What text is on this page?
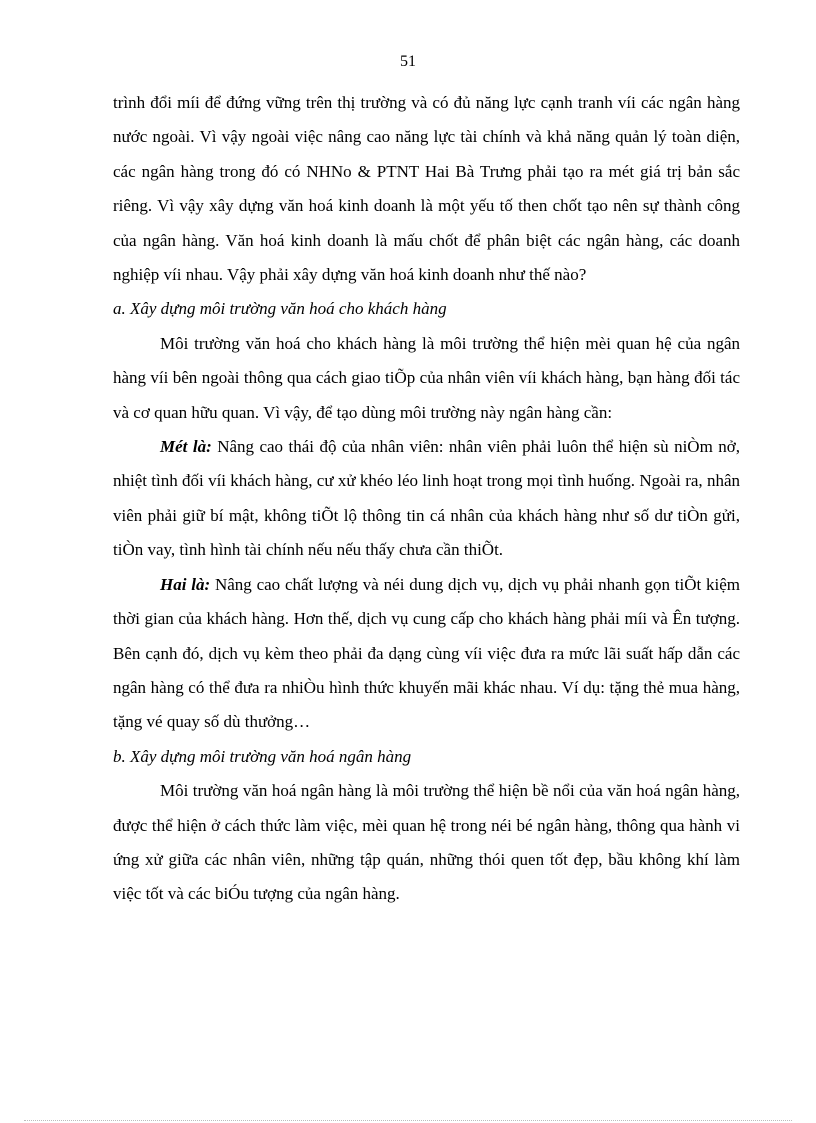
51

trình đổi míi để đứng vững trên thị trường và có đủ năng lực cạnh tranh víi các ngân hàng nước ngoài. Vì vậy ngoài việc nâng cao năng lực tài chính và khả năng quản lý toàn diện, các ngân hàng trong đó có NHNo & PTNT Hai Bà Trưng phải tạo ra mét giá trị bản sắc riêng. Vì vậy xây dựng văn hoá kinh doanh là một yếu tố then chốt tạo nên sự thành công của ngân hàng. Văn hoá kinh doanh là mấu chốt để phân biệt các ngân hàng, các doanh nghiệp víi nhau. Vậy phải xây dựng văn hoá kinh doanh như thế nào?

a. Xây dựng môi trường văn hoá cho khách hàng

Môi trường văn hoá cho khách hàng là môi trường thể hiện mèi quan hệ của ngân hàng víi bên ngoài thông qua cách giao tiÕp của nhân viên víi khách hàng, bạn hàng đối tác và cơ quan hữu quan. Vì vậy, để tạo dùng môi trường này ngân hàng cần:

Mét là: Nâng cao thái độ của nhân viên: nhân viên phải luôn thể hiện sù niÒm nở, nhiệt tình đối víi khách hàng, cư xử khéo léo linh hoạt trong mọi tình huống. Ngoài ra, nhân viên phải giữ bí mật, không tiÕt lộ thông tin cá nhân của khách hàng như số dư tiÒn gửi, tiÒn vay, tình hình tài chính nếu nếu thấy chưa cần thiÕt.

Hai là: Nâng cao chất lượng và néi dung dịch vụ, dịch vụ phải nhanh gọn tiÕt kiệm thời gian của khách hàng. Hơn thế, dịch vụ cung cấp cho khách hàng phải míi và Ên tượng. Bên cạnh đó, dịch vụ kèm theo phải đa dạng cùng víi việc đưa ra mức lãi suất hấp dẫn các ngân hàng có thể đưa ra nhiÒu hình thức khuyến mãi khác nhau. Ví dụ: tặng thẻ mua hàng, tặng vé quay số dù thưởng…

b. Xây dựng môi trường văn hoá ngân hàng

Môi trường văn hoá ngân hàng là môi trường thể hiện bề nổi của văn hoá ngân hàng, được thể hiện ở cách thức làm việc, mèi quan hệ trong néi bé ngân hàng, thông qua hành vi ứng xử giữa các nhân viên, những tập quán, những thói quen tốt đẹp, bầu không khí làm việc tốt và các biÓu tượng của ngân hàng.
